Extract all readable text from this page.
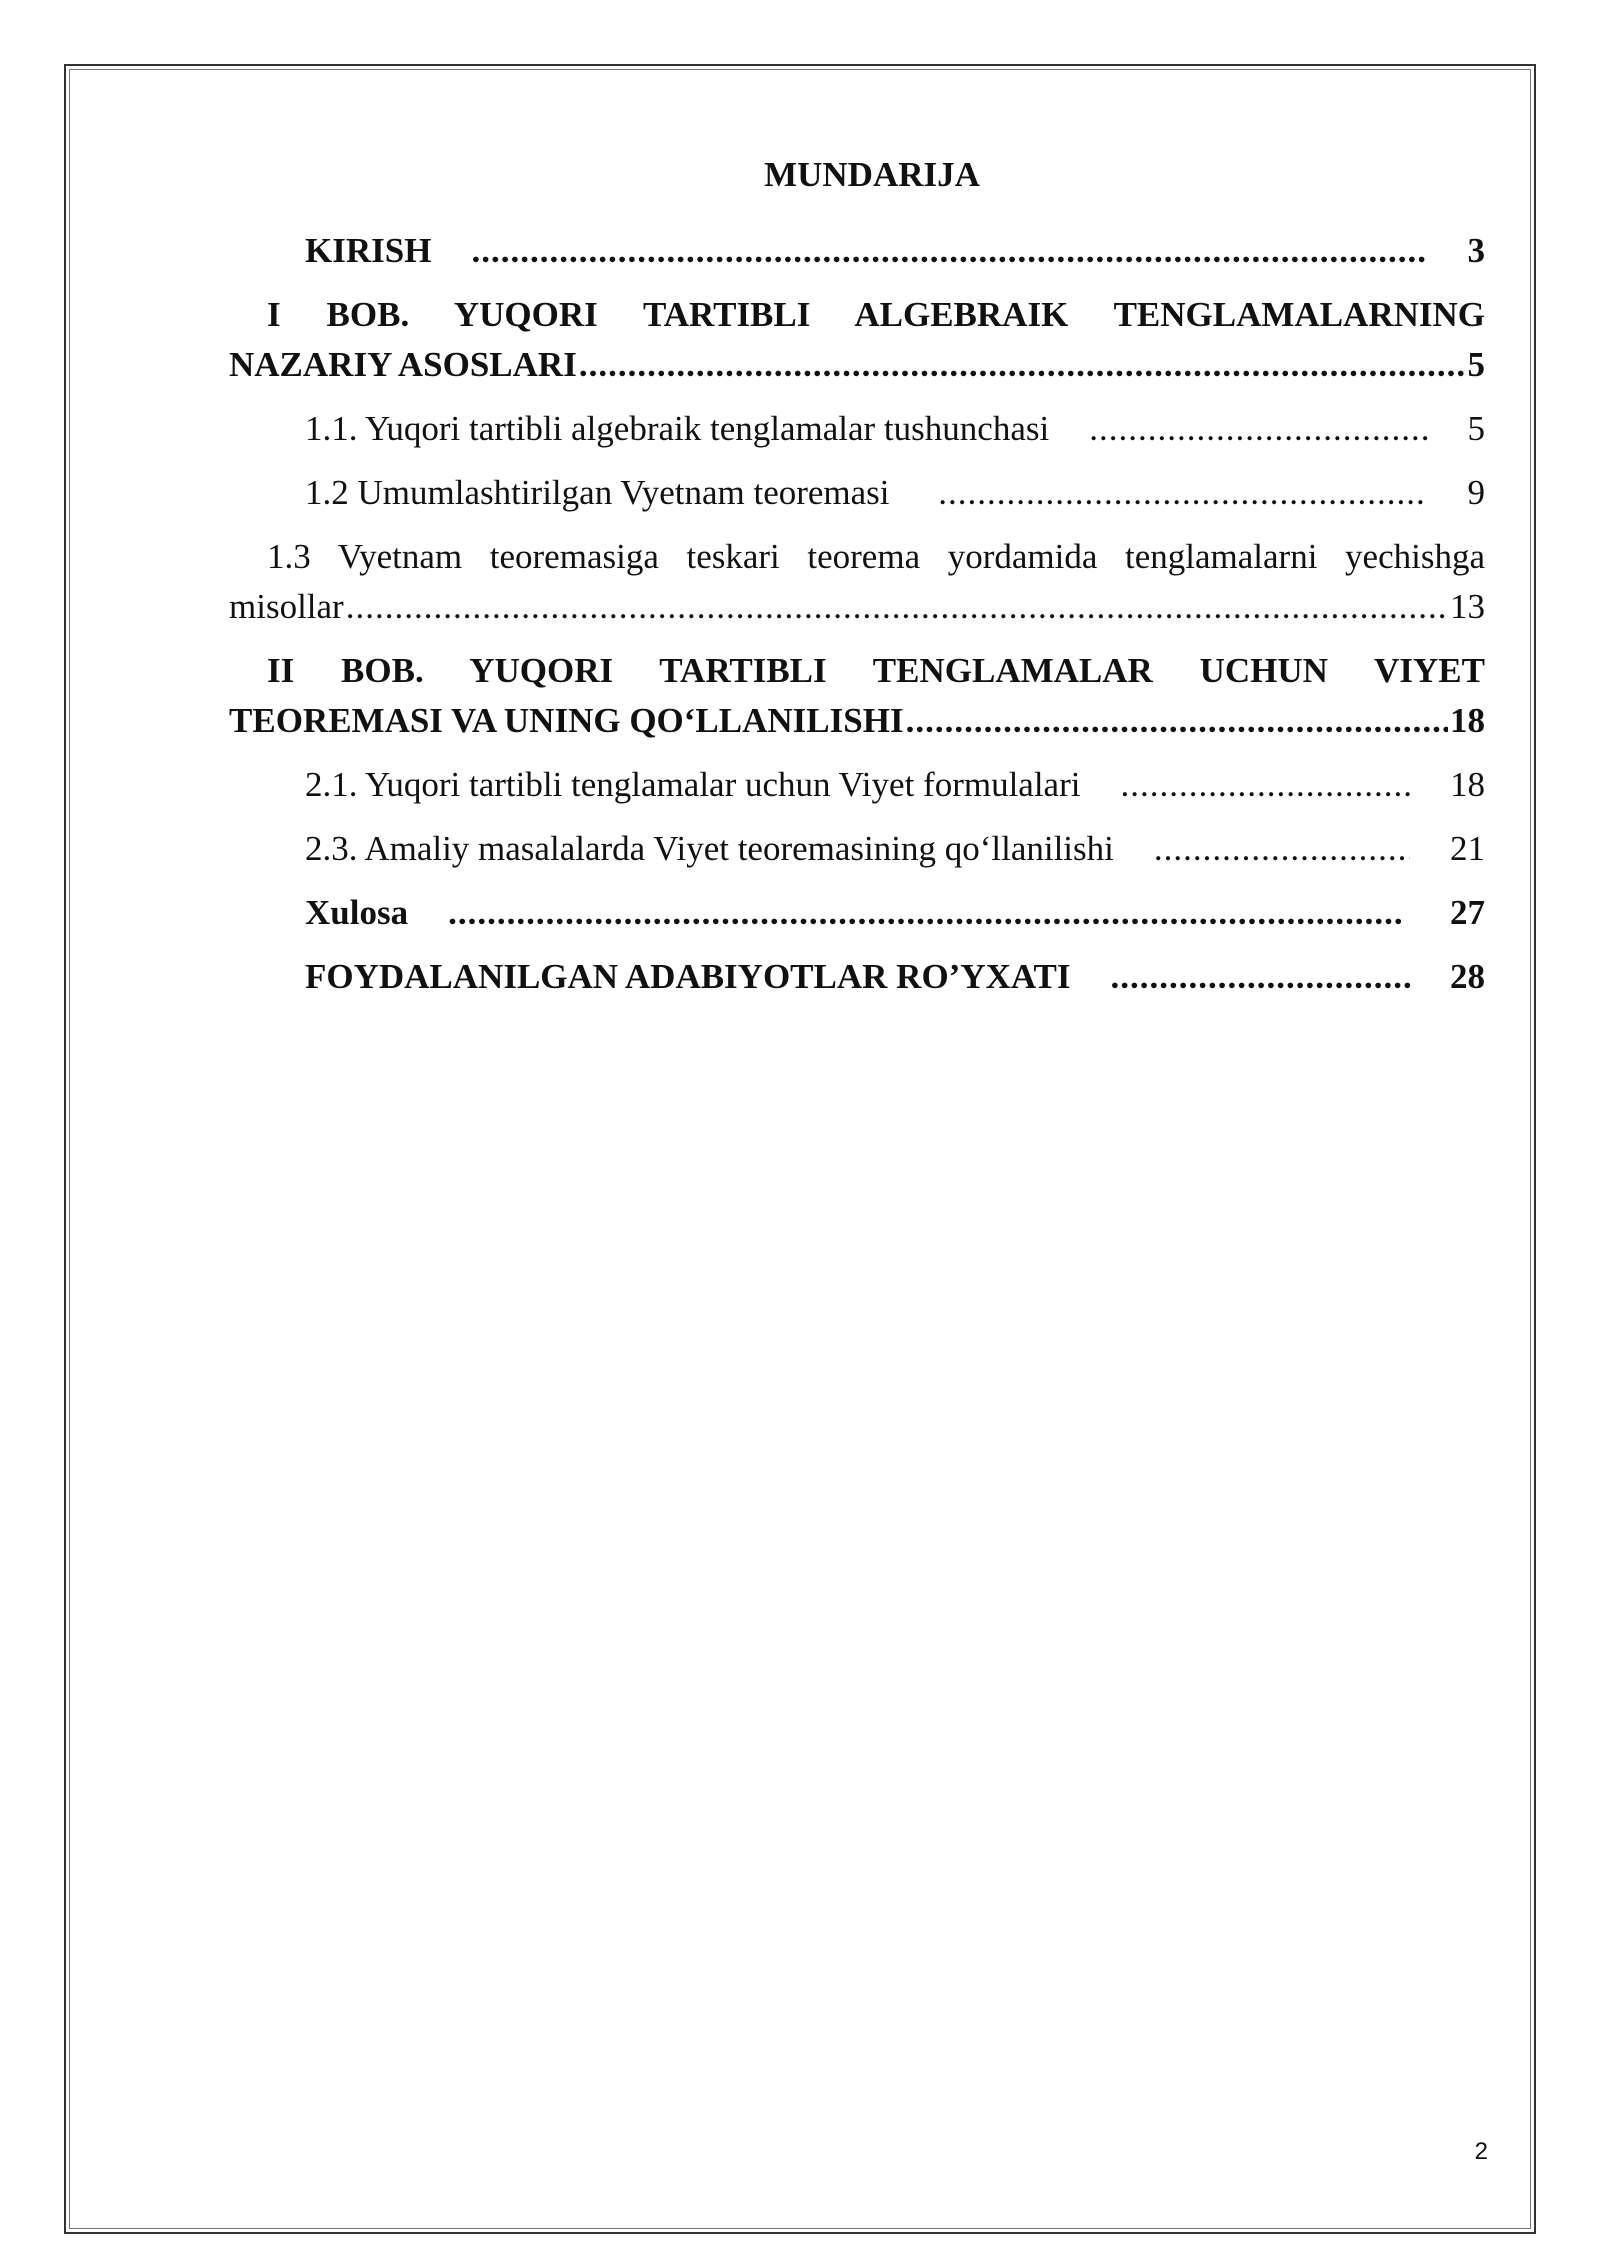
MUNDARIJA
KIRISH .....	3
I BOB. YUQORI TARTIBLI ALGEBRAIK TENGLAMALARNING
NAZARIY ASOSLARI .....	5
1.1. Yuqori tartibli algebraik tenglamalar tushunchasi .....	5
1.2 Umumlashtirilgan Vyetnam teoremasi .....	9
1.3 Vyetnam teoremasiga teskari teorema yordamida tenglamalarni yechishga
misollar .....	13
II BOB. YUQORI TARTIBLI TENGLAMALAR UCHUN VIYET
TEOREMASI VA UNING QO‘LLANILISHI .....	18
2.1. Yuqori tartibli tenglamalar uchun Viyet formulalari .....	18
2.3. Amaliy masalalarda Viyet teoremasining qo‘llanilishi .....	21
Xulosa .....	27
FOYDALANILGAN ADABIYOTLAR RO’YXATI .....	28
2
